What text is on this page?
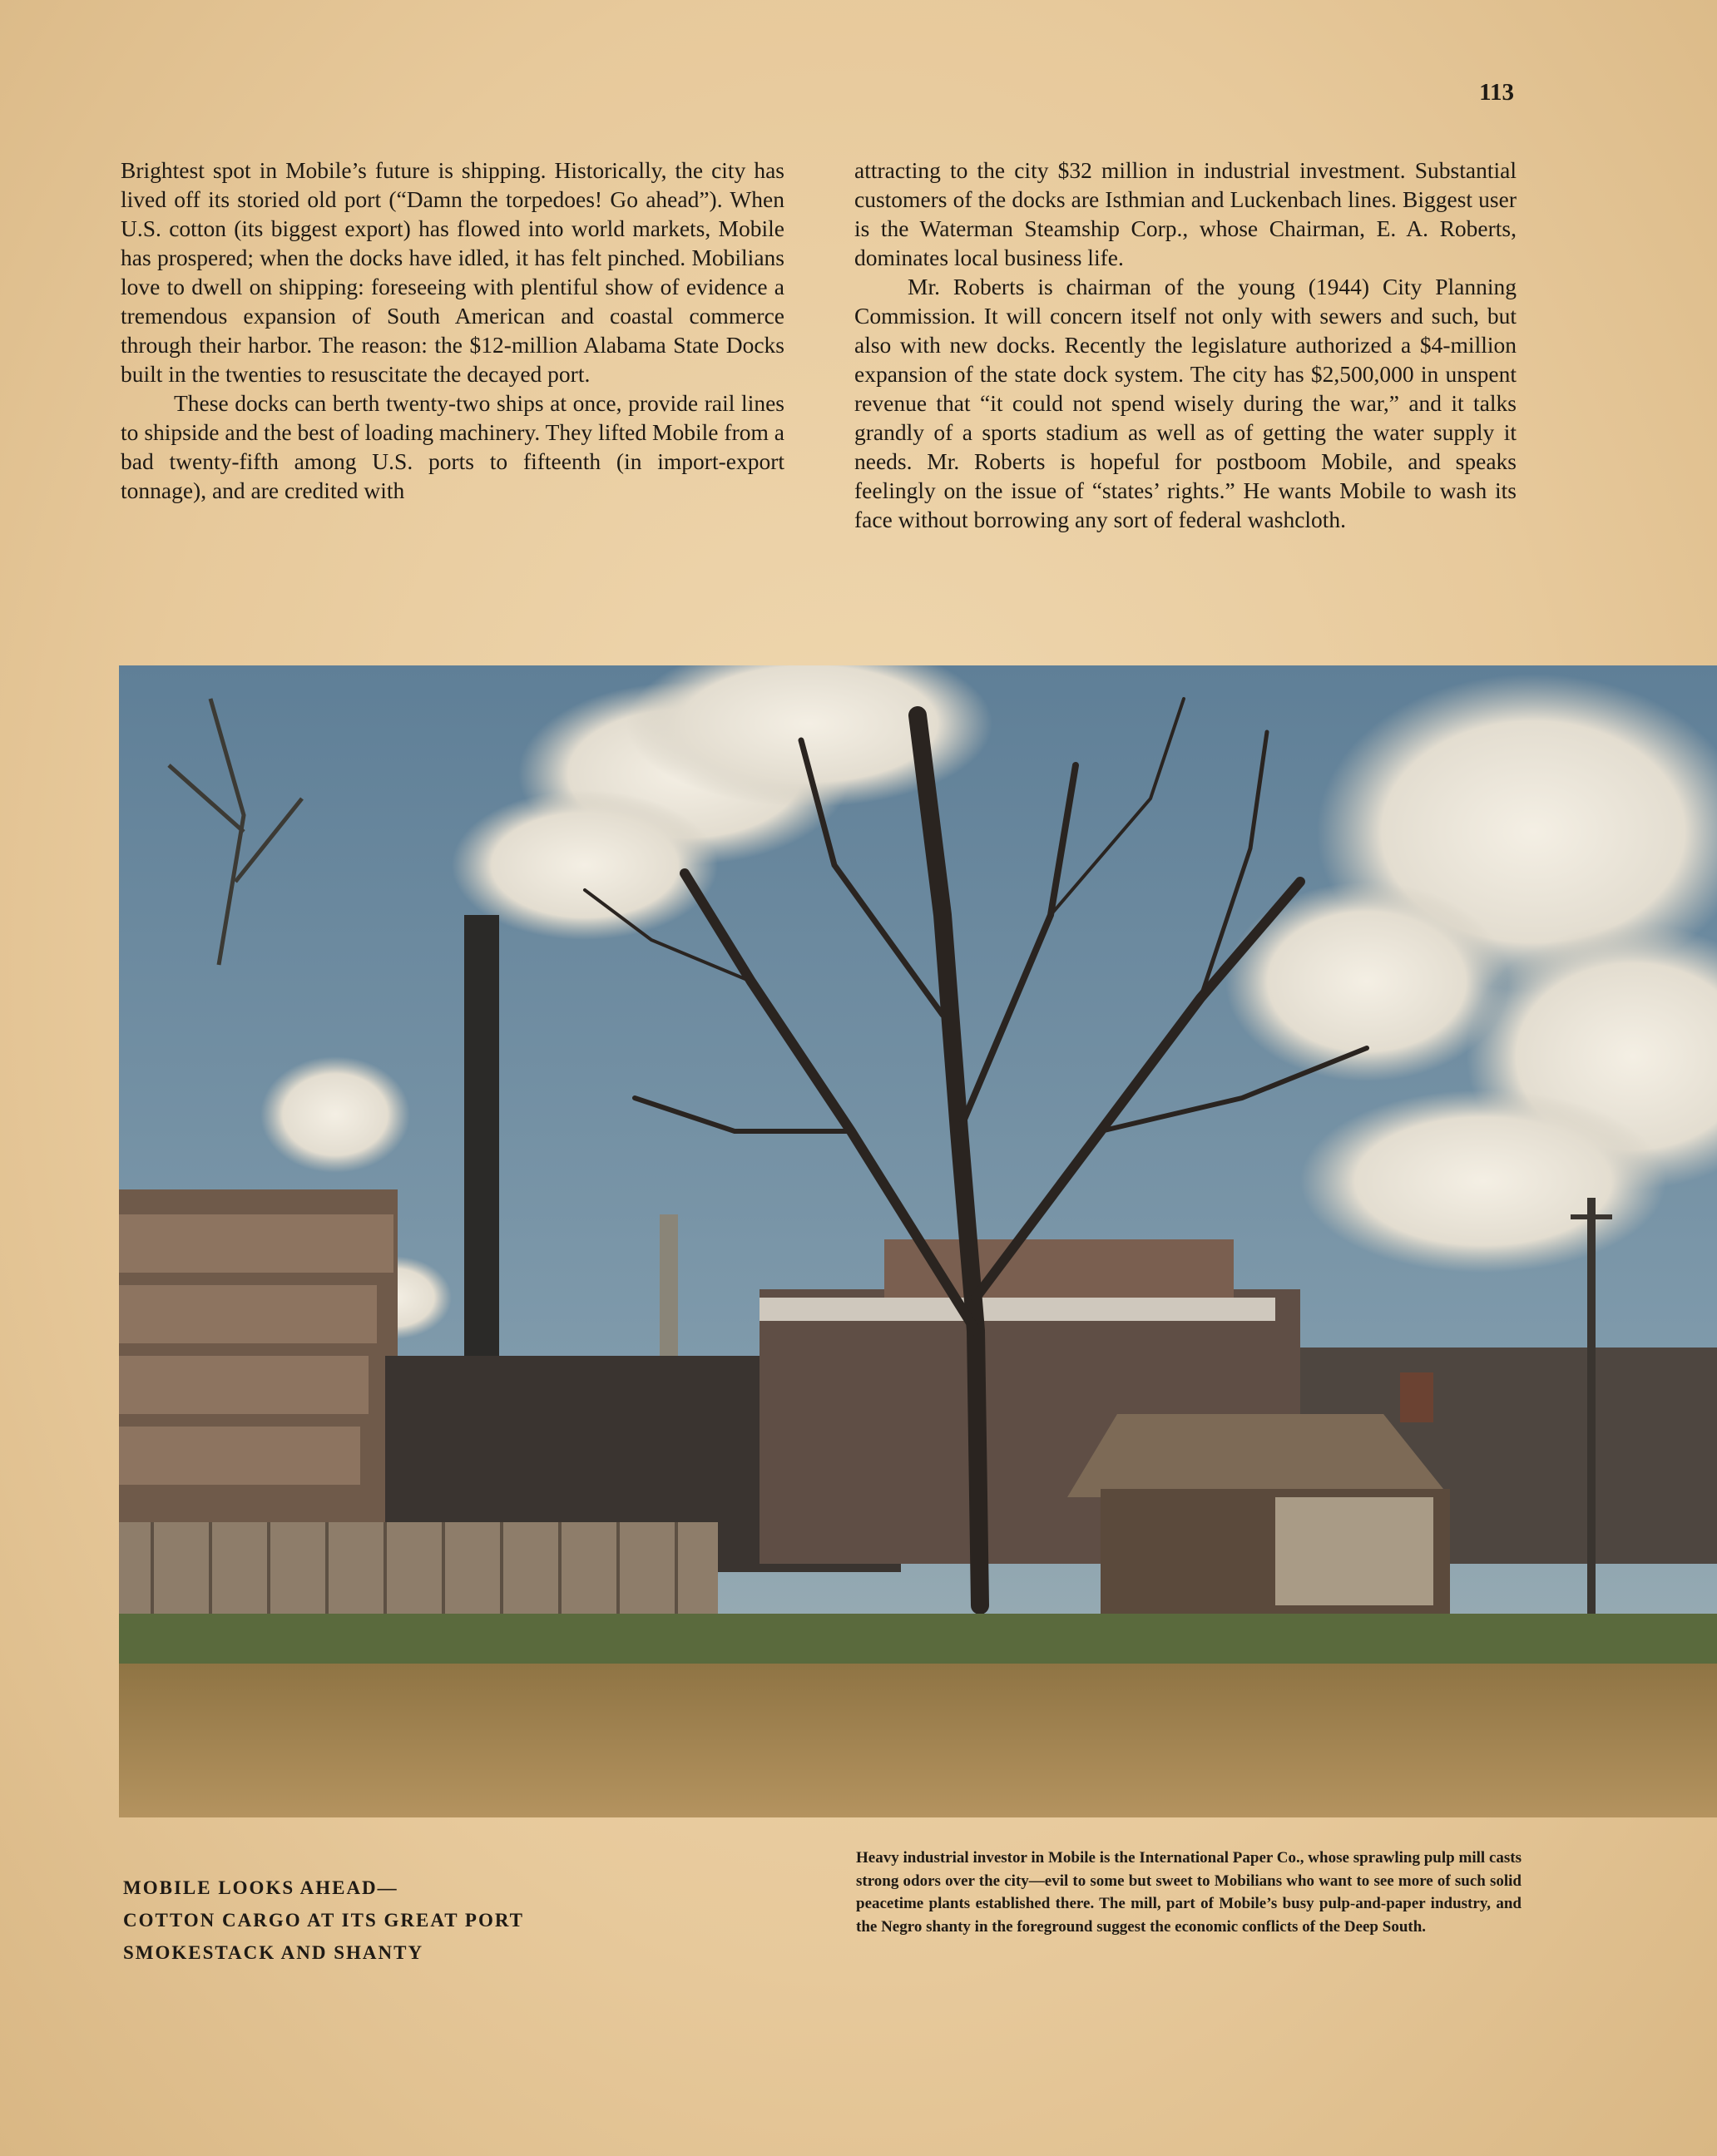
113

Brightest spot in Mobile’s future is shipping. Historically, the city has lived off its storied old port (“Damn the torpedoes! Go ahead”). When U.S. cotton (its biggest export) has flowed into world markets, Mobile has prospered; when the docks have idled, it has felt pinched. Mobilians love to dwell on shipping: foreseeing with plentiful show of evidence a tremendous expansion of South American and coastal commerce through their harbor. The reason: the $12-million Alabama State Docks built in the twenties to resuscitate the decayed port.

These docks can berth twenty-two ships at once, provide rail lines to shipside and the best of loading machinery. They lifted Mobile from a bad twenty-fifth among U.S. ports to fifteenth (in import-export tonnage), and are credited with

attracting to the city $32 million in industrial investment. Substantial customers of the docks are Isthmian and Luckenbach lines. Biggest user is the Waterman Steamship Corp., whose Chairman, E. A. Roberts, dominates local business life.

Mr. Roberts is chairman of the young (1944) City Planning Commission. It will concern itself not only with sewers and such, but also with new docks. Recently the legislature authorized a $4-million expansion of the state dock system. The city has $2,500,000 in unspent revenue that “it could not spend wisely during the war,” and it talks grandly of a sports stadium as well as of getting the water supply it needs. Mr. Roberts is hopeful for postboom Mobile, and speaks feelingly on the issue of “states’ rights.” He wants Mobile to wash its face without borrowing any sort of federal washcloth.

MOBILE LOOKS AHEAD—
COTTON CARGO AT ITS GREAT PORT
SMOKESTACK AND SHANTY
Heavy industrial investor in Mobile is the International Paper Co., whose sprawling pulp mill casts strong odors over the city—evil to some but sweet to Mobilians who want to see more of such solid peacetime plants established there. The mill, part of Mobile’s busy pulp-and-paper industry, and the Negro shanty in the foreground suggest the economic conflicts of the Deep South.
